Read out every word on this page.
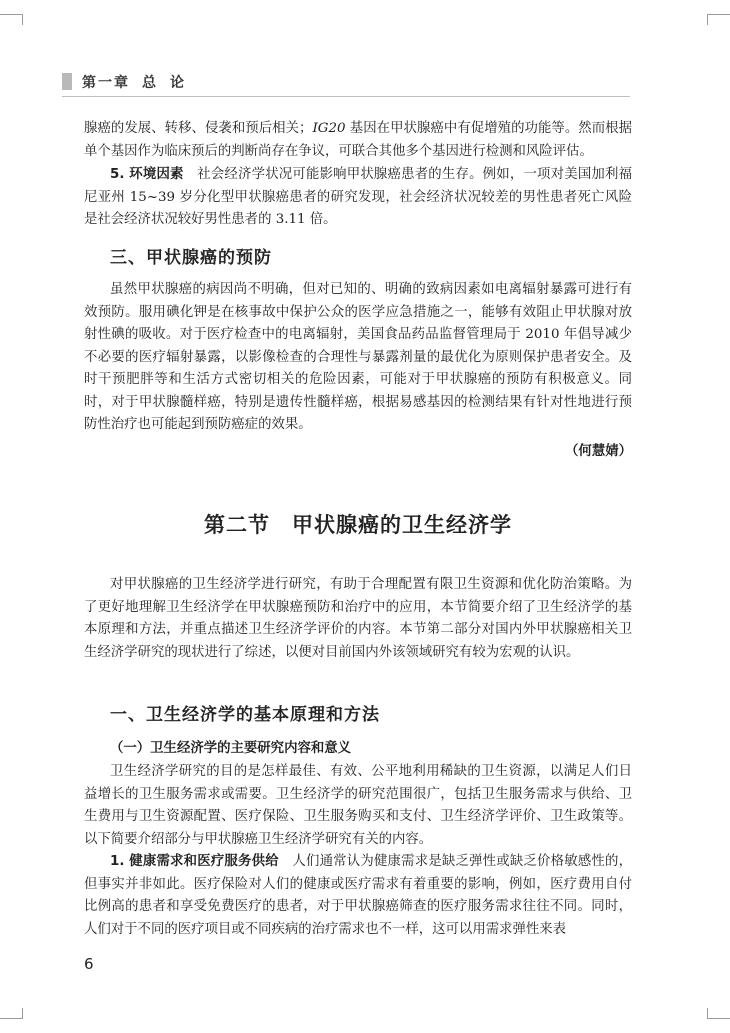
第一章 总 论

腺癌的发展、转移、侵袭和预后相关；IG20 基因在甲状腺癌中有促增殖的功能等。然而根据单个基因作为临床预后的判断尚存在争议，可联合其他多个基因进行检测和风险评估。

5. 环境因素　社会经济学状况可能影响甲状腺癌患者的生存。例如，一项对美国加利福尼亚州 15~39 岁分化型甲状腺癌患者的研究发现，社会经济状况较差的男性患者死亡风险是社会经济状况较好男性患者的 3.11 倍。

三、甲状腺癌的预防

虽然甲状腺癌的病因尚不明确，但对已知的、明确的致病因素如电离辐射暴露可进行有效预防。服用碘化钾是在核事故中保护公众的医学应急措施之一，能够有效阻止甲状腺对放射性碘的吸收。对于医疗检查中的电离辐射，美国食品药品监督管理局于 2010 年倡导减少不必要的医疗辐射暴露，以影像检查的合理性与暴露剂量的最优化为原则保护患者安全。及时干预肥胖等和生活方式密切相关的危险因素，可能对于甲状腺癌的预防有积极意义。同时，对于甲状腺髓样癌，特别是遗传性髓样癌，根据易感基因的检测结果有针对性地进行预防性治疗也可能起到预防癌症的效果。

（何慧婧）
第二节　甲状腺癌的卫生经济学

对甲状腺癌的卫生经济学进行研究，有助于合理配置有限卫生资源和优化防治策略。为了更好地理解卫生经济学在甲状腺癌预防和治疗中的应用，本节简要介绍了卫生经济学的基本原理和方法，并重点描述卫生经济学评价的内容。本节第二部分对国内外甲状腺癌相关卫生经济学研究的现状进行了综述，以便对目前国内外该领域研究有较为宏观的认识。

一、卫生经济学的基本原理和方法
（一）卫生经济学的主要研究内容和意义

卫生经济学研究的目的是怎样最佳、有效、公平地利用稀缺的卫生资源，以满足人们日益增长的卫生服务需求或需要。卫生经济学的研究范围很广，包括卫生服务需求与供给、卫生费用与卫生资源配置、医疗保险、卫生服务购买和支付、卫生经济学评价、卫生政策等。以下简要介绍部分与甲状腺癌卫生经济学研究有关的内容。

1. 健康需求和医疗服务供给　人们通常认为健康需求是缺乏弹性或缺乏价格敏感性的，但事实并非如此。医疗保险对人们的健康或医疗需求有着重要的影响，例如，医疗费用自付比例高的患者和享受免费医疗的患者，对于甲状腺癌筛查的医疗服务需求往往不同。同时，人们对于不同的医疗项目或不同疾病的治疗需求也不一样，这可以用需求弹性来表

6
